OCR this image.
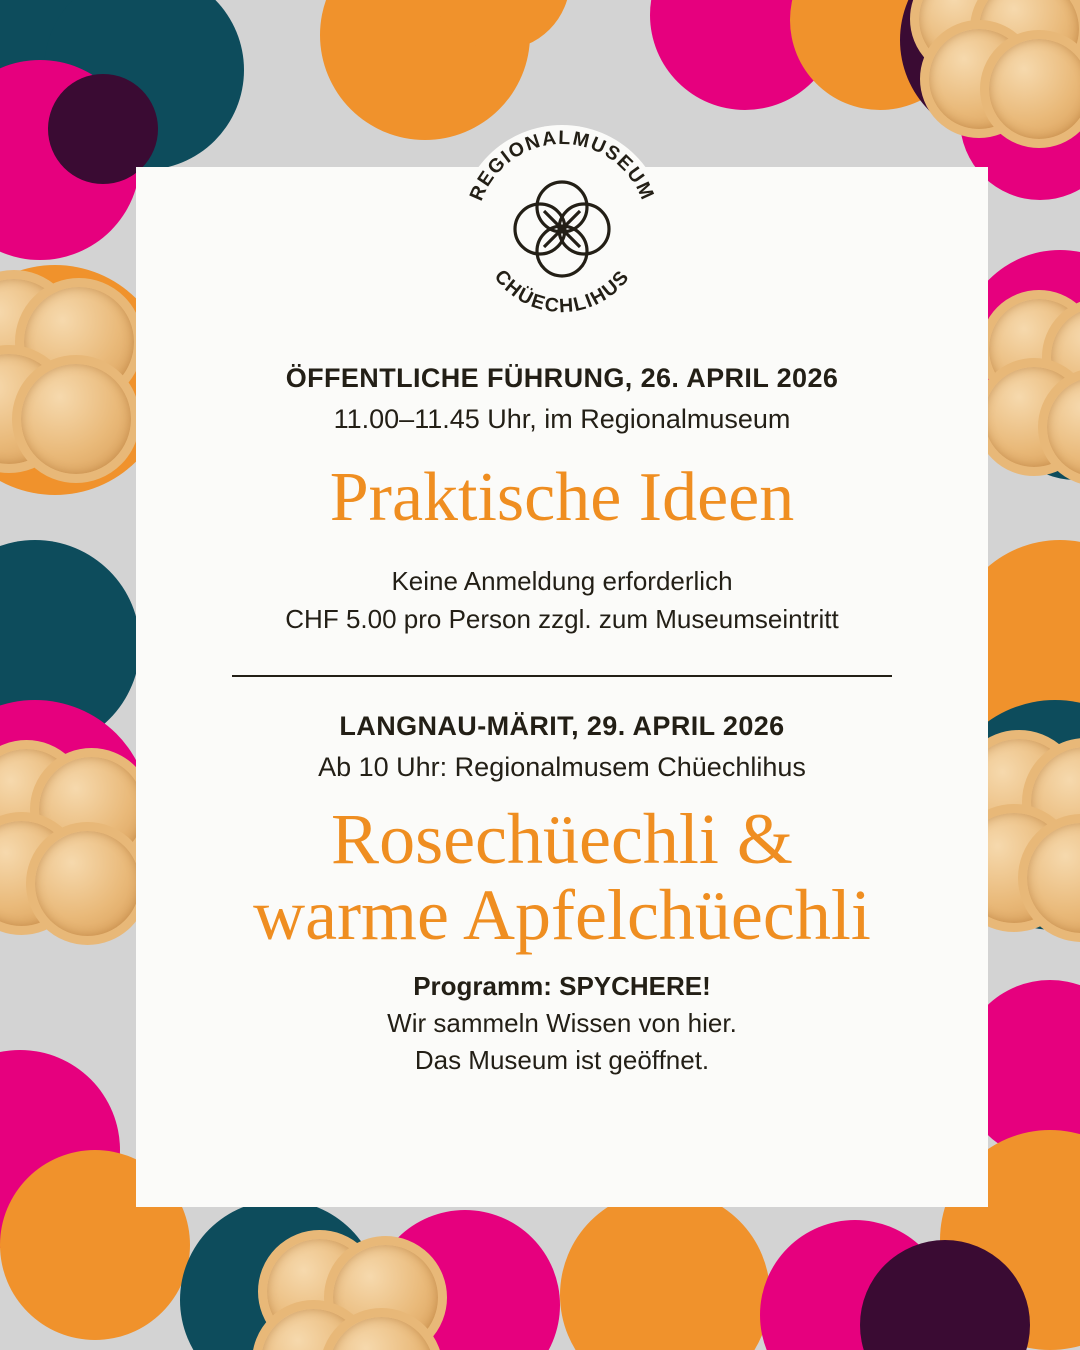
REGIONALMUSEUM
CHÜECHLIHUS

ÖFFENTLICHE FÜHRUNG, 26. APRIL 2026

11.00–11.45 Uhr, im Regionalmuseum

Praktische Ideen

Keine Anmeldung erforderlich

CHF 5.00 pro Person zzgl. zum Museumseintritt

LANGNAU-MÄRIT, 29. APRIL 2026

Ab 10 Uhr: Regionalmusem Chüechlihus

Rosechüechli &
warme Apfelchüechli

Programm: SPYCHERE!

Wir sammeln Wissen von hier.

Das Museum ist geöffnet.
